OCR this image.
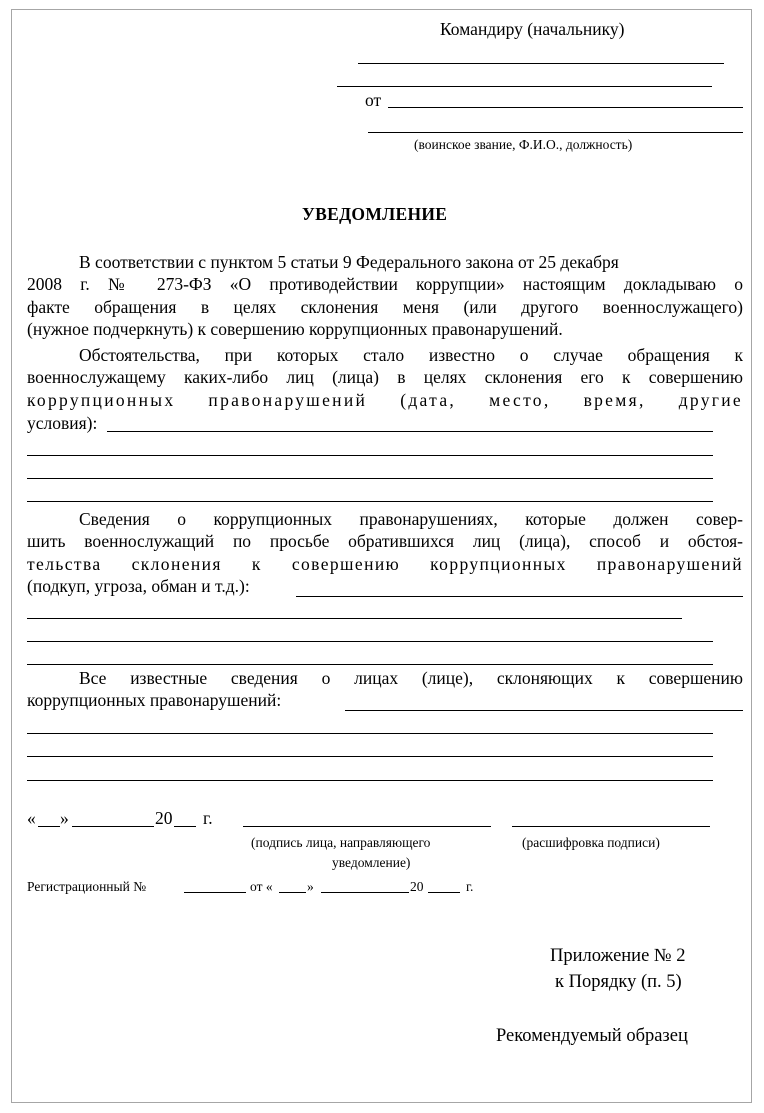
Командиру (начальнику)
от
(воинское звание, Ф.И.О., должность)
УВЕДОМЛЕНИЕ

В соответствии с пунктом 5 статьи 9 Федерального закона от 25 декабря

2008 г. № 273-ФЗ «О противодействии коррупции» настоящим докладываю о
факте обращения в целях склонения меня (или другого военнослужащего)
(нужное подчеркнуть) к совершению коррупционных правонарушений.
Обстоятельства, при которых стало известно о случае обращения к
военнослужащему каких-либо лиц (лица) в целях склонения его к совершению
коррупционных правонарушений (дата, место, время, другие
условия):
Сведения о коррупционных правонарушениях, которые должен совер-
шить военнослужащий по просьбе обратившихся лиц (лица), способ и обстоя-
тельства склонения к совершению коррупционных правонарушений
(подкуп, угроза, обман и т.д.):
Все известные сведения о лицах (лице), склоняющих к совершению
коррупционных правонарушений:
« »	20 г.
(подпись лица, направляющего
уведомление)
(расшифровка подписи)
Регистрационный №	от «	»	20	г.
Приложение № 2
к Порядку (п. 5)
Рекомендуемый образец
